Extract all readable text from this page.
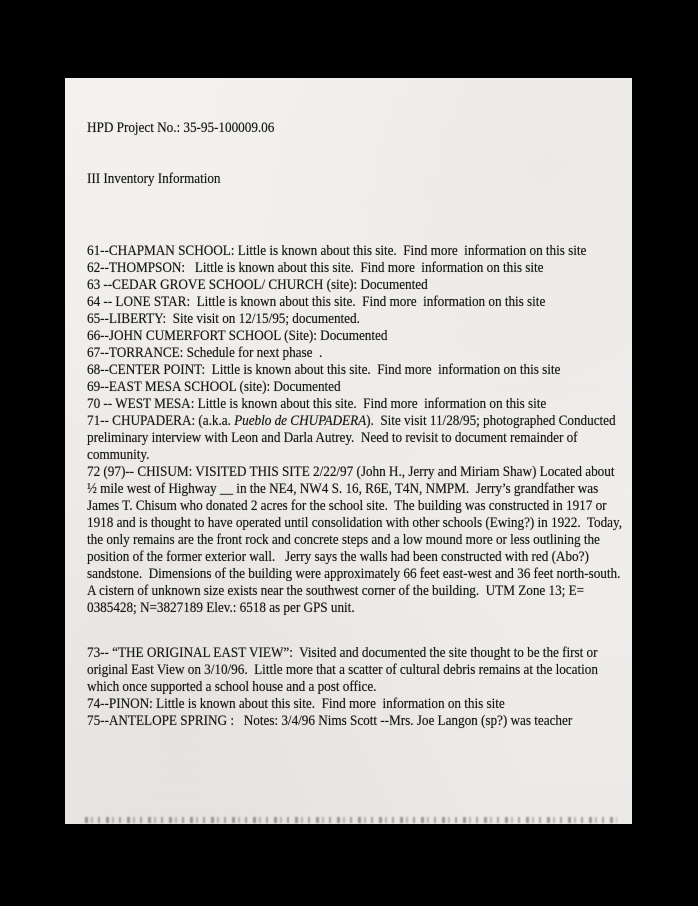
HPD Project No.: 35-95-100009.06

III Inventory Information

61--CHAPMAN SCHOOL: Little is known about this site.  Find more  information on this site

62--THOMPSON:   Little is known about this site.  Find more  information on this site

63 --CEDAR GROVE SCHOOL/ CHURCH (site): Documented

64 -- LONE STAR:  Little is known about this site.  Find more  information on this site

65--LIBERTY:  Site visit on 12/15/95; documented.

66--JOHN CUMERFORT SCHOOL (Site): Documented

67--TORRANCE: Schedule for next phase  .

68--CENTER POINT:  Little is known about this site.  Find more  information on this site

69--EAST MESA SCHOOL (site): Documented

70 -- WEST MESA: Little is known about this site.  Find more  information on this site

71-- CHUPADERA: (a.k.a. Pueblo de CHUPADERA).  Site visit 11/28/95; photographed Conducted preliminary interview with Leon and Darla Autrey.  Need to revisit to document remainder of community.

72 (97)-- CHISUM: VISITED THIS SITE 2/22/97 (John H., Jerry and Miriam Shaw) Located about ½ mile west of Highway __ in the NE4, NW4 S. 16, R6E, T4N, NMPM.  Jerry’s grandfather was James T. Chisum who donated 2 acres for the school site.  The building was constructed in 1917 or 1918 and is thought to have operated until consolidation with other schools (Ewing?) in 1922.  Today, the only remains are the front rock and concrete steps and a low mound more or less outlining the position of the former exterior wall.   Jerry says the walls had been constructed with red (Abo?) sandstone.  Dimensions of the building were approximately 66 feet east-west and 36 feet north-south.  A cistern of unknown size exists near the southwest corner of the building.  UTM Zone 13; E= 0385428; N=3827189 Elev.: 6518 as per GPS unit.

73-- “THE ORIGINAL EAST VIEW”:  Visited and documented the site thought to be the first or original East View on 3/10/96.  Little more that a scatter of cultural debris remains at the location which once supported a school house and a post office.

74--PINON: Little is known about this site.  Find more  information on this site

75--ANTELOPE SPRING :   Notes: 3/4/96 Nims Scott --Mrs. Joe Langon (sp?) was teacher
